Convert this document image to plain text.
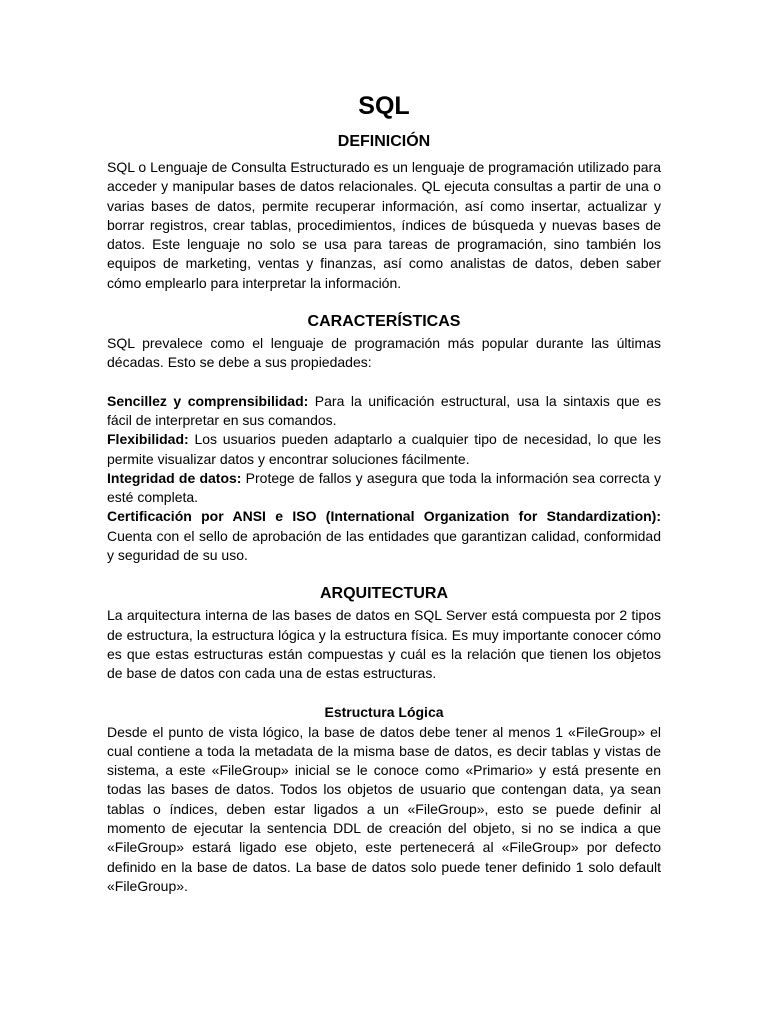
SQL
DEFINICIÓN

SQL o Lenguaje de Consulta Estructurado es un lenguaje de programación utilizado para acceder y manipular bases de datos relacionales. QL ejecuta consultas a partir de una o varias bases de datos, permite recuperar información, así como insertar, actualizar y borrar registros, crear tablas, procedimientos, índices de búsqueda y nuevas bases de datos. Este lenguaje no solo se usa para tareas de programación, sino también los equipos de marketing, ventas y finanzas, así como analistas de datos, deben saber cómo emplearlo para interpretar la información.

CARACTERÍSTICAS

SQL prevalece como el lenguaje de programación más popular durante las últimas décadas. Esto se debe a sus propiedades:

Sencillez y comprensibilidad: Para la unificación estructural, usa la sintaxis que es fácil de interpretar en sus comandos.

Flexibilidad: Los usuarios pueden adaptarlo a cualquier tipo de necesidad, lo que les permite visualizar datos y encontrar soluciones fácilmente.

Integridad de datos: Protege de fallos y asegura que toda la información sea correcta y esté completa.

Certificación por ANSI e ISO (International Organization for Standardization): Cuenta con el sello de aprobación de las entidades que garantizan calidad, conformidad y seguridad de su uso.

ARQUITECTURA

La arquitectura interna de las bases de datos en SQL Server está compuesta por 2 tipos de estructura, la estructura lógica y la estructura física. Es muy importante conocer cómo es que estas estructuras están compuestas y cuál es la relación que tienen los objetos de base de datos con cada una de estas estructuras.

Estructura Lógica

Desde el punto de vista lógico, la base de datos debe tener al menos 1 «FileGroup» el cual contiene a toda la metadata de la misma base de datos, es decir tablas y vistas de sistema, a este «FileGroup» inicial se le conoce como «Primario» y está presente en todas las bases de datos. Todos los objetos de usuario que contengan data, ya sean tablas o índices, deben estar ligados a un «FileGroup», esto se puede definir al momento de ejecutar la sentencia DDL de creación del objeto, si no se indica a que «FileGroup» estará ligado ese objeto, este pertenecerá al «FileGroup» por defecto definido en la base de datos. La base de datos solo puede tener definido 1 solo default «FileGroup».
